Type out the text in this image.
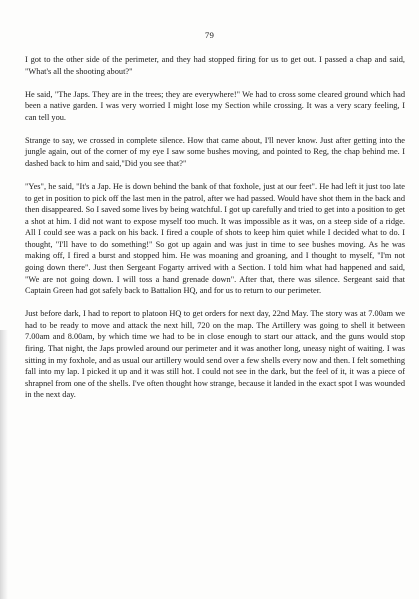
79

I got to the other side of the perimeter, and they had stopped firing for us to get out. I passed a chap and said, "What's all the shooting about?"

He said, "The Japs. They are in the trees; they are everywhere!" We had to cross some cleared ground which had been a native garden. I was very worried I might lose my Section while crossing. It was a very scary feeling, I can tell you.

Strange to say, we crossed in complete silence. How that came about, I'll never know. Just after getting into the jungle again, out of the corner of my eye I saw some bushes moving, and pointed to Reg, the chap behind me. I dashed back to him and said,"Did you see that?"

"Yes", he said, "It's a Jap. He is down behind the bank of that foxhole, just at our feet". He had left it just too late to get in position to pick off the last men in the patrol, after we had passed. Would have shot them in the back and then disappeared. So I saved some lives by being watchful. I got up carefully and tried to get into a position to get a shot at him. I did not want to expose myself too much. It was impossible as it was, on a steep side of a ridge. All I could see was a pack on his back. I fired a couple of shots to keep him quiet while I decided what to do. I thought, "I'll have to do something!" So got up again and was just in time to see bushes moving. As he was making off, I fired a burst and stopped him. He was moaning and groaning, and I thought to myself, "I'm not going down there". Just then Sergeant Fogarty arrived with a Section. I told him what had happened and said, "We are not going down. I will toss a hand grenade down". After that, there was silence. Sergeant said that Captain Green had got safely back to Battalion HQ, and for us to return to our perimeter.

Just before dark, I had to report to platoon HQ to get orders for next day, 22nd May. The story was at 7.00am we had to be ready to move and attack the next hill, 720 on the map. The Artillery was going to shell it between 7.00am and 8.00am, by which time we had to be in close enough to start our attack, and the guns would stop firing. That night, the Japs prowled around our perimeter and it was another long, uneasy night of waiting. I was sitting in my foxhole, and as usual our artillery would send over a few shells every now and then. I felt something fall into my lap. I picked it up and it was still hot. I could not see in the dark, but the feel of it, it was a piece of shrapnel from one of the shells. I've often thought how strange, because it landed in the exact spot I was wounded in the next day.
